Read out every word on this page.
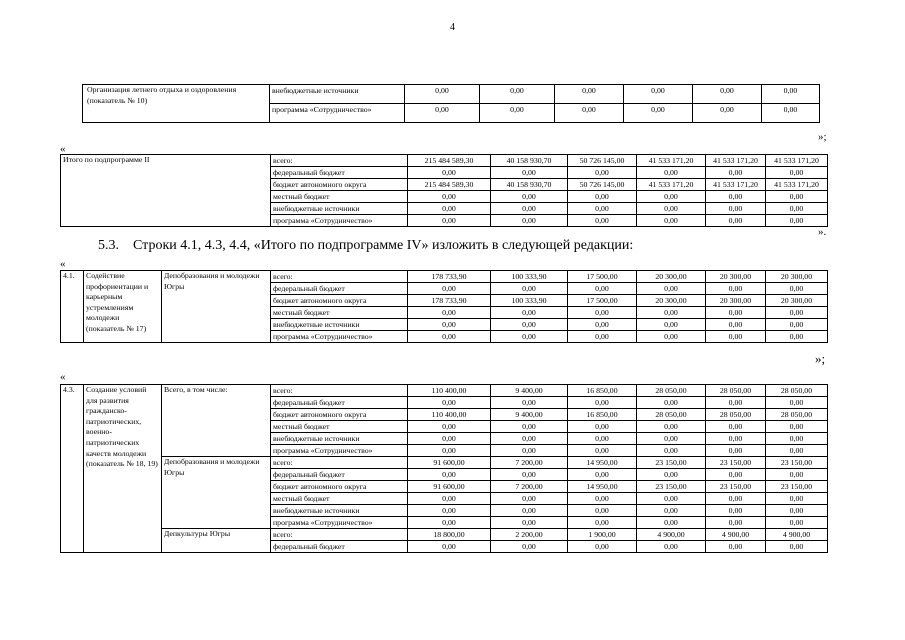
4
Организация летнего отдыха и оздоровления (показатель № 10)	внебюджетные источники	0,00	0,00	0,00	0,00	0,00	0,00
	программа «Сотрудничество»	0,00	0,00	0,00	0,00	0,00	0,00
»;
«
Итого по подпрограмме II	всего:	215 484 589,30	40 158 930,70	50 726 145,00	41 533 171,20	41 533 171,20	41 533 171,20
	федеральный бюджет	0,00	0,00	0,00	0,00	0,00	0,00
	бюджет автономного округа	215 484 589,30	40 158 930,70	50 726 145,00	41 533 171,20	41 533 171,20	41 533 171,20
	местный бюджет	0,00	0,00	0,00	0,00	0,00	0,00
	внебюджетные источники	0,00	0,00	0,00	0,00	0,00	0,00
	программа «Сотрудничество»	0,00	0,00	0,00	0,00	0,00	0,00
».
5.3.    Строки 4.1, 4.3, 4.4, «Итого по подпрограмме IV» изложить в следующей редакции:
«
4.1.	Содействие профориентации и карьерным устремлениям молодежи (показатель № 17)	Депобразования и молодежи Югры	всего:	178 733,90	100 333,90	17 500,00	20 300,00	20 300,00	20 300,00
			федеральный бюджет	0,00	0,00	0,00	0,00	0,00	0,00
			бюджет автономного округа	178 733,90	100 333,90	17 500,00	20 300,00	20 300,00	20 300,00
			местный бюджет	0,00	0,00	0,00	0,00	0,00	0,00
			внебюджетные источники	0,00	0,00	0,00	0,00	0,00	0,00
			программа «Сотрудничество»	0,00	0,00	0,00	0,00	0,00	0,00
»;
«
4.3.	Создание условий для развития гражданско-патриотических, военно-патриотических качеств молодежи (показатель № 18, 19)	Всего, в том числе:	всего:	110 400,00	9 400,00	16 850,00	28 050,00	28 050,00	28 050,00
			федеральный бюджет	0,00	0,00	0,00	0,00	0,00	0,00
			бюджет автономного округа	110 400,00	9 400,00	16 850,00	28 050,00	28 050,00	28 050,00
			местный бюджет	0,00	0,00	0,00	0,00	0,00	0,00
			внебюджетные источники	0,00	0,00	0,00	0,00	0,00	0,00
			программа «Сотрудничество»	0,00	0,00	0,00	0,00	0,00	0,00
		Депобразования и молодежи Югры	всего:	91 600,00	7 200,00	14 950,00	23 150,00	23 150,00	23 150,00
			федеральный бюджет	0,00	0,00	0,00	0,00	0,00	0,00
			бюджет автономного округа	91 600,00	7 200,00	14 950,00	23 150,00	23 150,00	23 150,00
			местный бюджет	0,00	0,00	0,00	0,00	0,00	0,00
			внебюджетные источники	0,00	0,00	0,00	0,00	0,00	0,00
			программа «Сотрудничество»	0,00	0,00	0,00	0,00	0,00	0,00
		Депкультуры Югры	всего:	18 800,00	2 200,00	1 900,00	4 900,00	4 900,00	4 900,00
			федеральный бюджет	0,00	0,00	0,00	0,00	0,00	0,00
